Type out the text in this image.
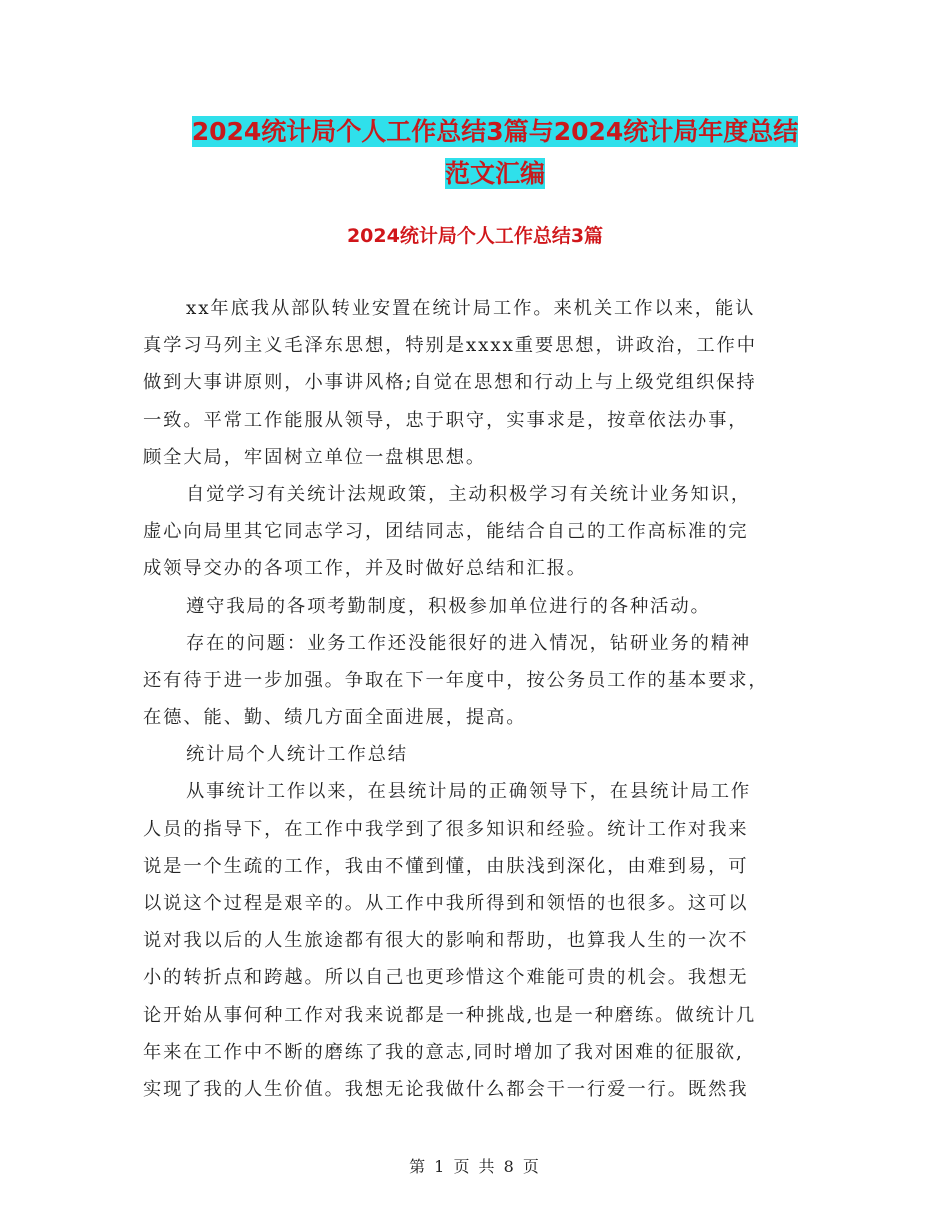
2024统计局个人工作总结3篇与2024统计局年度总结
范文汇编
2024统计局个人工作总结3篇
xx年底我从部队转业安置在统计局工作。来机关工作以来，能认
真学习马列主义毛泽东思想，特别是xxxx重要思想，讲政治，工作中
做到大事讲原则，小事讲风格;自觉在思想和行动上与上级党组织保持
一致。平常工作能服从领导，忠于职守，实事求是，按章依法办事，
顾全大局，牢固树立单位一盘棋思想。
自觉学习有关统计法规政策，主动积极学习有关统计业务知识，
虚心向局里其它同志学习，团结同志，能结合自己的工作高标准的完
成领导交办的各项工作，并及时做好总结和汇报。
遵守我局的各项考勤制度，积极参加单位进行的各种活动。
存在的问题：业务工作还没能很好的进入情况，钻研业务的精神
还有待于进一步加强。争取在下一年度中，按公务员工作的基本要求，
在德、能、勤、绩几方面全面进展，提高。
统计局个人统计工作总结
从事统计工作以来，在县统计局的正确领导下，在县统计局工作
人员的指导下，在工作中我学到了很多知识和经验。统计工作对我来
说是一个生疏的工作，我由不懂到懂，由肤浅到深化，由难到易，可
以说这个过程是艰辛的。从工作中我所得到和领悟的也很多。这可以
说对我以后的人生旅途都有很大的影响和帮助，也算我人生的一次不
小的转折点和跨越。所以自己也更珍惜这个难能可贵的机会。我想无
论开始从事何种工作对我来说都是一种挑战,也是一种磨练。做统计几
年来在工作中不断的磨练了我的意志,同时增加了我对困难的征服欲,
实现了我的人生价值。我想无论我做什么都会干一行爱一行。既然我
第 1 页 共 8 页
